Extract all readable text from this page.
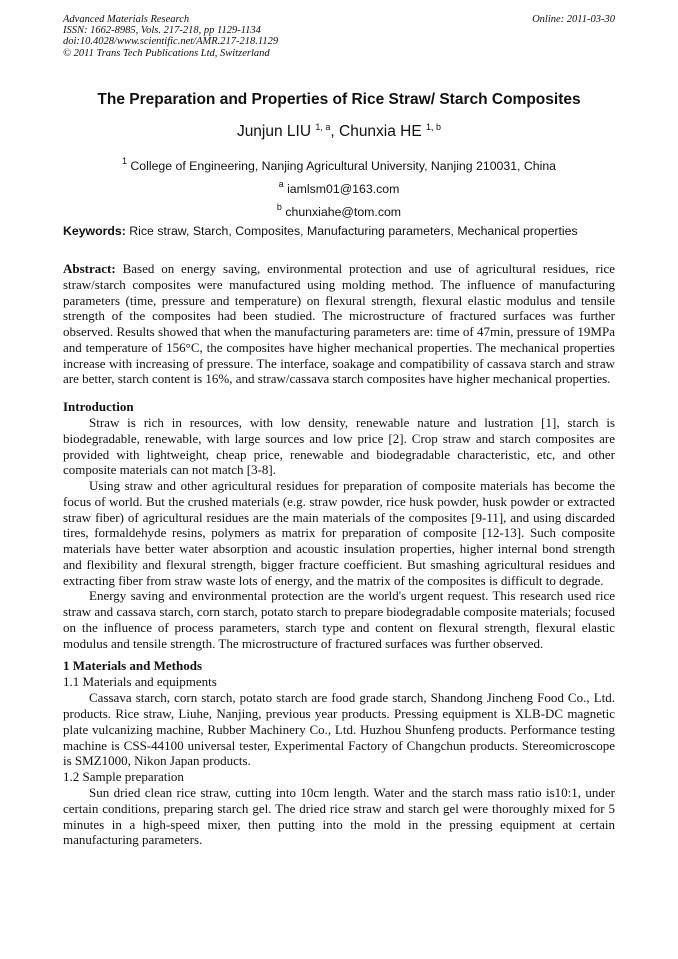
Advanced Materials Research
ISSN: 1662-8985, Vols. 217-218, pp 1129-1134
doi:10.4028/www.scientific.net/AMR.217-218.1129
© 2011 Trans Tech Publications Ltd, Switzerland
Online: 2011-03-30
The Preparation and Properties of Rice Straw/ Starch Composites
Junjun LIU $^{1, a}$, Chunxia HE $^{1, b}$
$^1$ College of Engineering, Nanjing Agricultural University, Nanjing 210031, China
$^a$ iamlsm01@163.com
$^b$ chunxiahe@tom.com
Keywords: Rice straw, Starch, Composites, Manufacturing parameters, Mechanical properties

Abstract: Based on energy saving, environmental protection and use of agricultural residues, rice straw/starch composites were manufactured using molding method. The influence of manufacturing parameters (time, pressure and temperature) on flexural strength, flexural elastic modulus and tensile strength of the composites had been studied. The microstructure of fractured surfaces was further observed. Results showed that when the manufacturing parameters are: time of 47min, pressure of 19MPa and temperature of 156°C, the composites have higher mechanical properties. The mechanical properties increase with increasing of pressure. The interface, soakage and compatibility of cassava starch and straw are better, starch content is 16%, and straw/cassava starch composites have higher mechanical properties.

Introduction

Straw is rich in resources, with low density, renewable nature and lustration [1], starch is biodegradable, renewable, with large sources and low price [2]. Crop straw and starch composites are provided with lightweight, cheap price, renewable and biodegradable characteristic, etc, and other composite materials can not match [3-8].

Using straw and other agricultural residues for preparation of composite materials has become the focus of world. But the crushed materials (e.g. straw powder, rice husk powder, husk powder or extracted straw fiber) of agricultural residues are the main materials of the composites [9-11], and using discarded tires, formaldehyde resins, polymers as matrix for preparation of composite [12-13]. Such composite materials have better water absorption and acoustic insulation properties, higher internal bond strength and flexibility and flexural strength, bigger fracture coefficient. But smashing agricultural residues and extracting fiber from straw waste lots of energy, and the matrix of the composites is difficult to degrade.

Energy saving and environmental protection are the world's urgent request. This research used rice straw and cassava starch, corn starch, potato starch to prepare biodegradable composite materials; focused on the influence of process parameters, starch type and content on flexural strength, flexural elastic modulus and tensile strength. The microstructure of fractured surfaces was further observed.

1 Materials and Methods
1.1 Materials and equipments

Cassava starch, corn starch, potato starch are food grade starch, Shandong Jincheng Food Co., Ltd. products. Rice straw, Liuhe, Nanjing, previous year products. Pressing equipment is XLB-DC magnetic plate vulcanizing machine, Rubber Machinery Co., Ltd. Huzhou Shunfeng products. Performance testing machine is CSS-44100 universal tester, Experimental Factory of Changchun products. Stereomicroscope is SMZ1000, Nikon Japan products.

1.2 Sample preparation

Sun dried clean rice straw, cutting into 10cm length. Water and the starch mass ratio is10:1, under certain conditions, preparing starch gel. The dried rice straw and starch gel were thoroughly mixed for 5 minutes in a high-speed mixer, then putting into the mold in the pressing equipment at certain manufacturing parameters.
